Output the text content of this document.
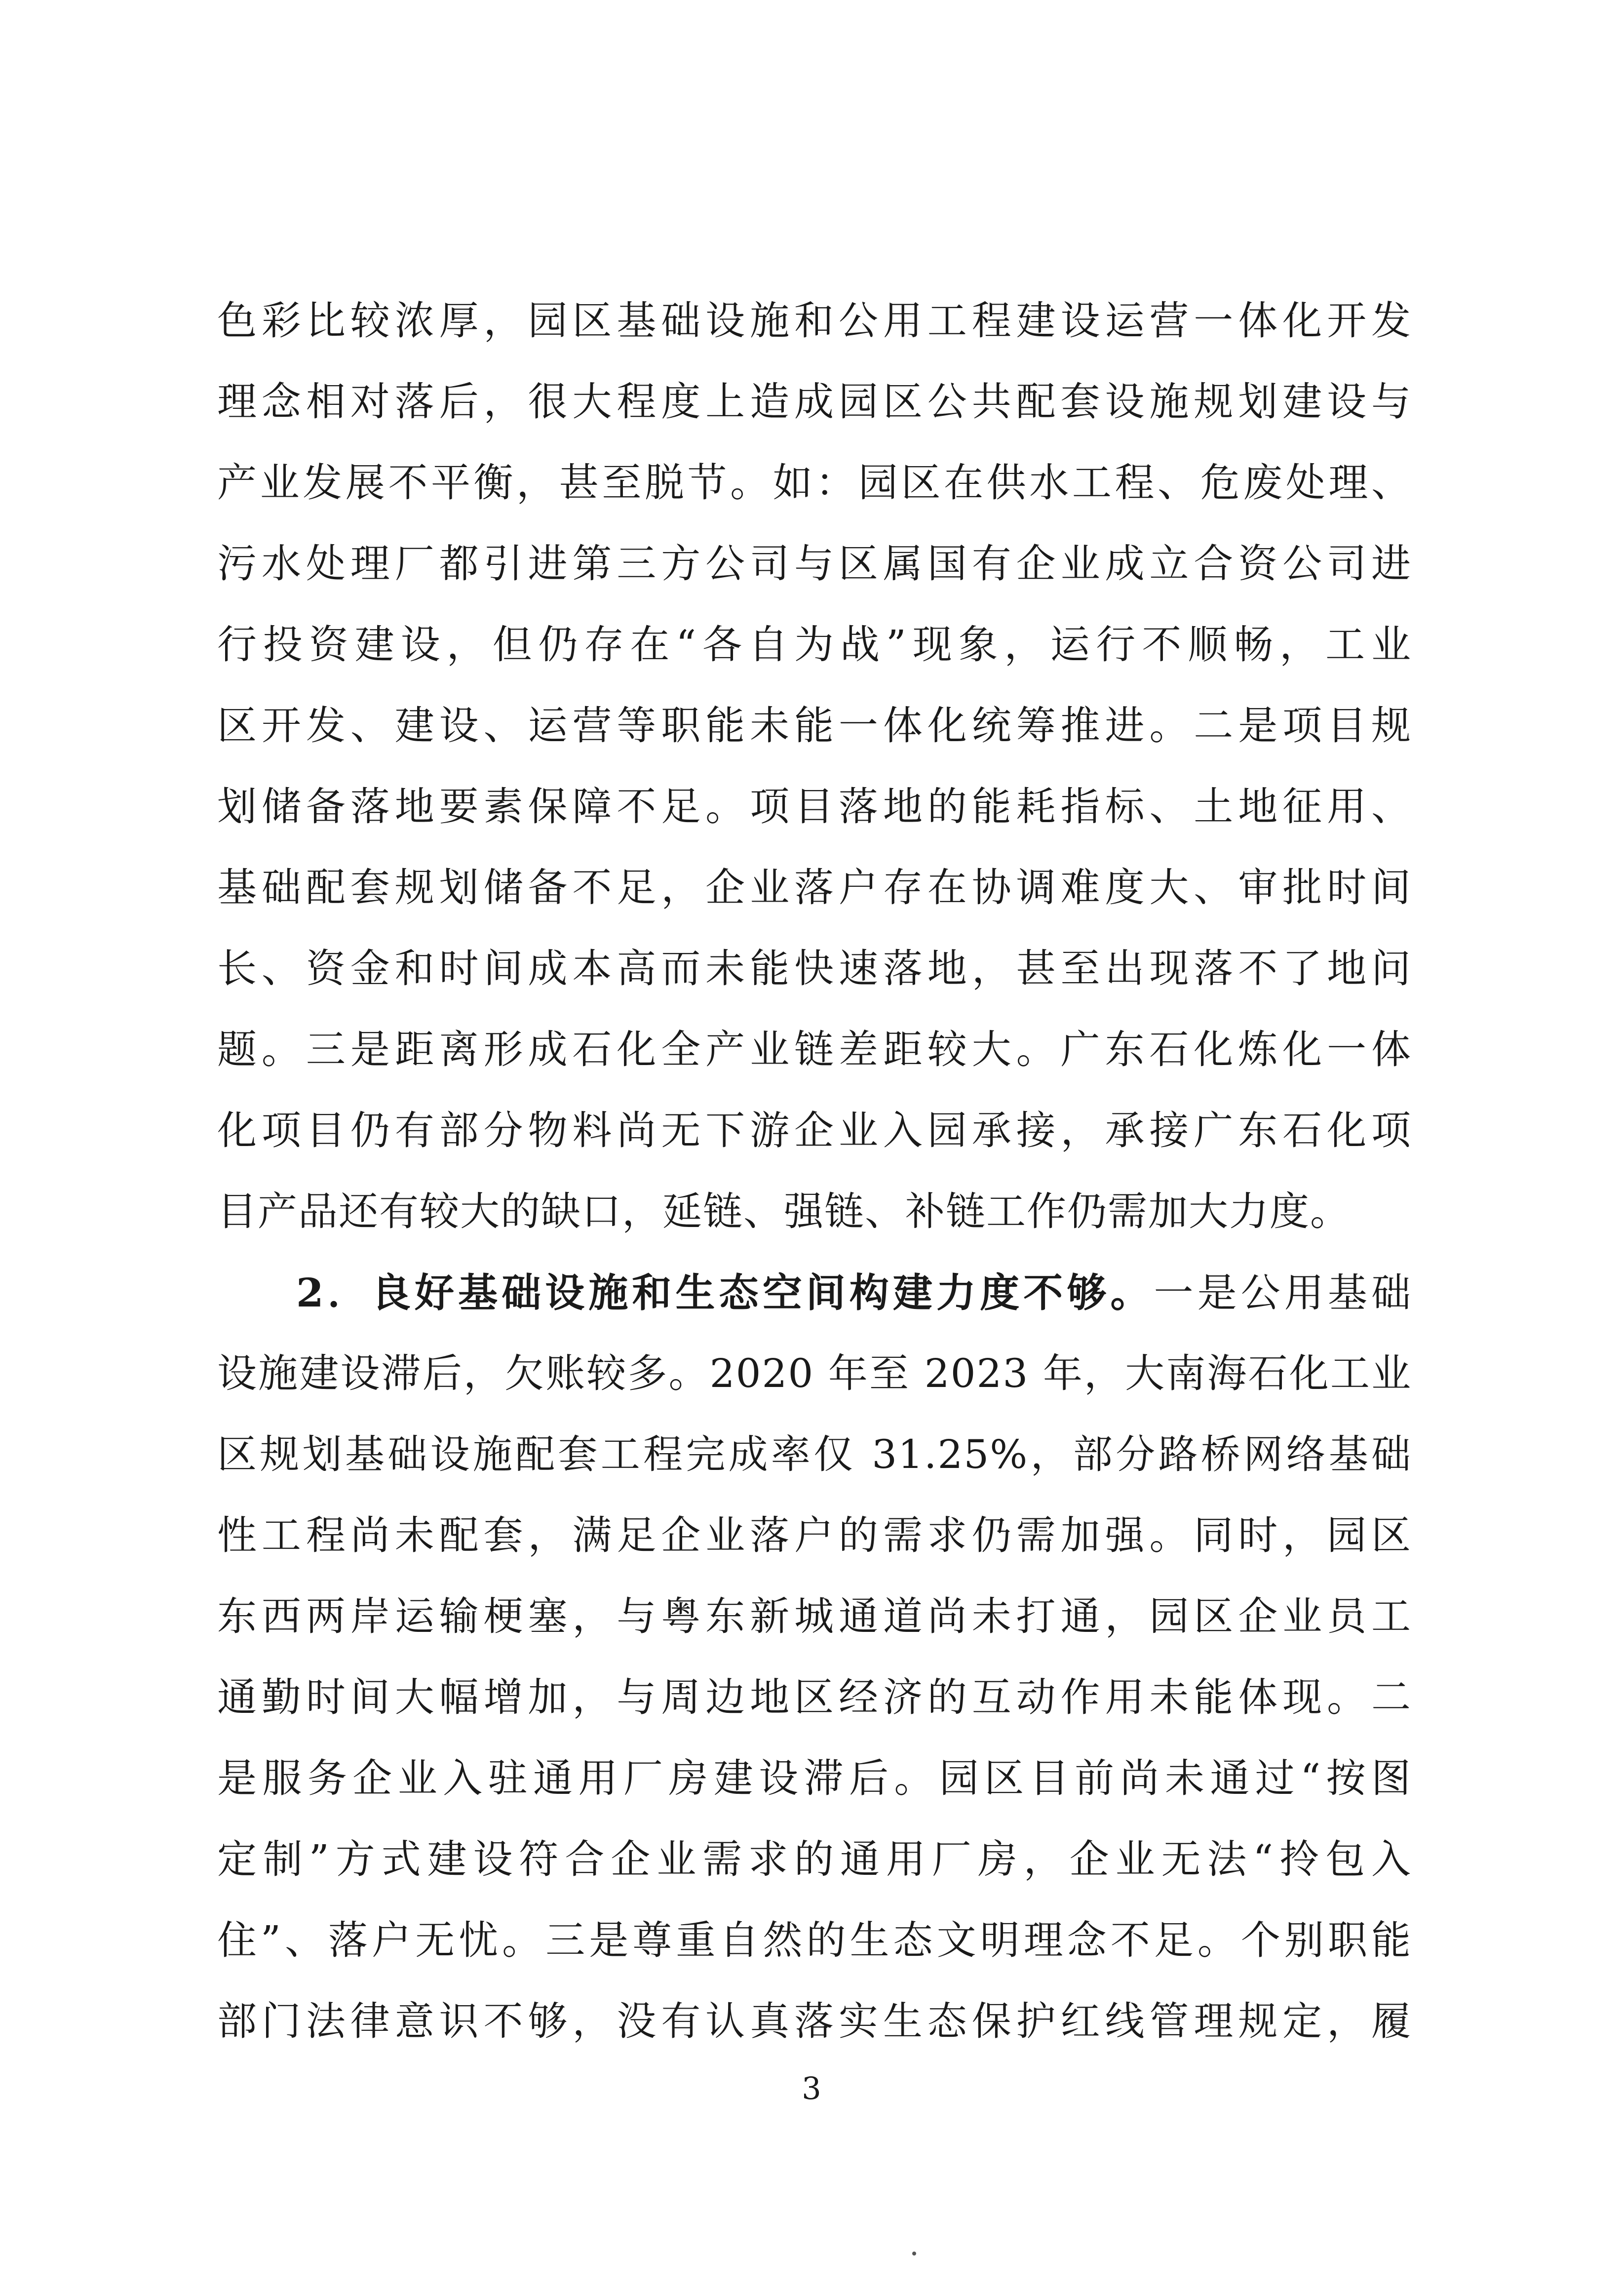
色彩比较浓厚，园区基础设施和公用工程建设运营一体化开发
理念相对落后，很大程度上造成园区公共配套设施规划建设与
产业发展不平衡，甚至脱节。如：园区在供水工程、危废处理、
污水处理厂都引进第三方公司与区属国有企业成立合资公司进
行投资建设，但仍存在“各自为战”现象，运行不顺畅，工业
区开发、建设、运营等职能未能一体化统筹推进。二是项目规
划储备落地要素保障不足。项目落地的能耗指标、土地征用、
基础配套规划储备不足，企业落户存在协调难度大、审批时间
长、资金和时间成本高而未能快速落地，甚至出现落不了地问
题。三是距离形成石化全产业链差距较大。广东石化炼化一体
化项目仍有部分物料尚无下游企业入园承接，承接广东石化项
目产品还有较大的缺口，延链、强链、补链工作仍需加大力度。
2．良好基础设施和生态空间构建力度不够。一是公用基础
设施建设滞后，欠账较多。2020 年至 2023 年，大南海石化工业
区规划基础设施配套工程完成率仅 31.25%，部分路桥网络基础
性工程尚未配套，满足企业落户的需求仍需加强。同时，园区
东西两岸运输梗塞，与粤东新城通道尚未打通，园区企业员工
通勤时间大幅增加，与周边地区经济的互动作用未能体现。二
是服务企业入驻通用厂房建设滞后。园区目前尚未通过“按图
定制”方式建设符合企业需求的通用厂房，企业无法“拎包入
住”、落户无忧。三是尊重自然的生态文明理念不足。个别职能
部门法律意识不够，没有认真落实生态保护红线管理规定，履
3
